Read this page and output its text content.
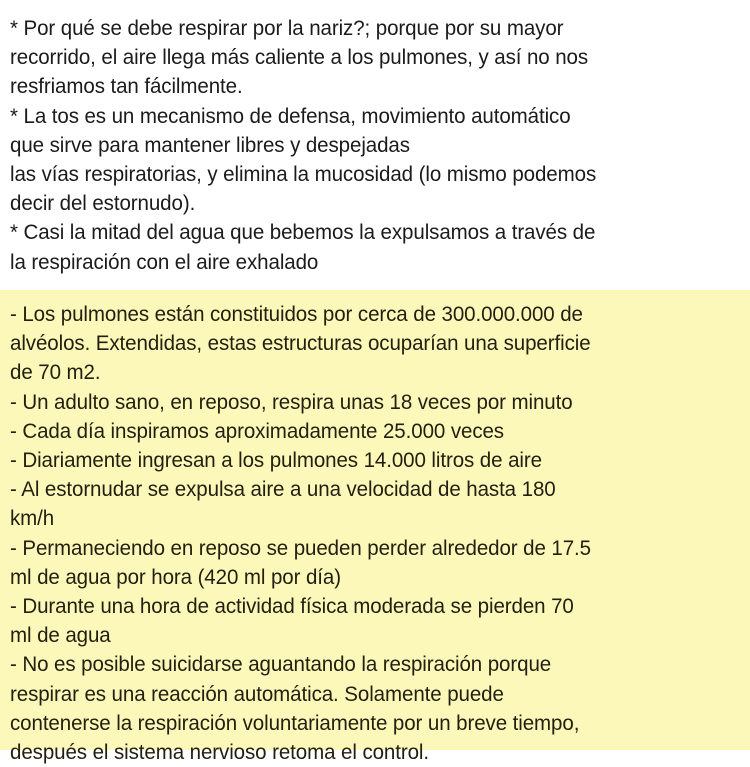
* Por qué se debe respirar por la nariz?; porque por su mayor
recorrido, el aire llega más caliente a los pulmones, y así no nos
resfriamos tan fácilmente.
* La tos es un mecanismo de defensa, movimiento automático
que sirve para mantener libres y despejadas
las vías respiratorias, y elimina la mucosidad (lo mismo podemos
decir del estornudo).
* Casi la mitad del agua que bebemos la expulsamos a través de
la respiración con el aire exhalado
- Los pulmones están constituidos por cerca de 300.000.000 de
alvéolos. Extendidas, estas estructuras ocuparían una superficie
de 70 m2.
- Un adulto sano, en reposo, respira unas 18 veces por minuto
- Cada día inspiramos aproximadamente 25.000 veces
- Diariamente ingresan a los pulmones 14.000 litros de aire
- Al estornudar se expulsa aire a una velocidad de hasta 180
km/h
- Permaneciendo en reposo se pueden perder alrededor de 17.5
ml de agua por hora (420 ml por día)
- Durante una hora de actividad física moderada se pierden 70
ml de agua
- No es posible suicidarse aguantando la respiración porque
respirar es una reacción automática. Solamente puede
contenerse la respiración voluntariamente por un breve tiempo,
después el sistema nervioso retoma el control.
